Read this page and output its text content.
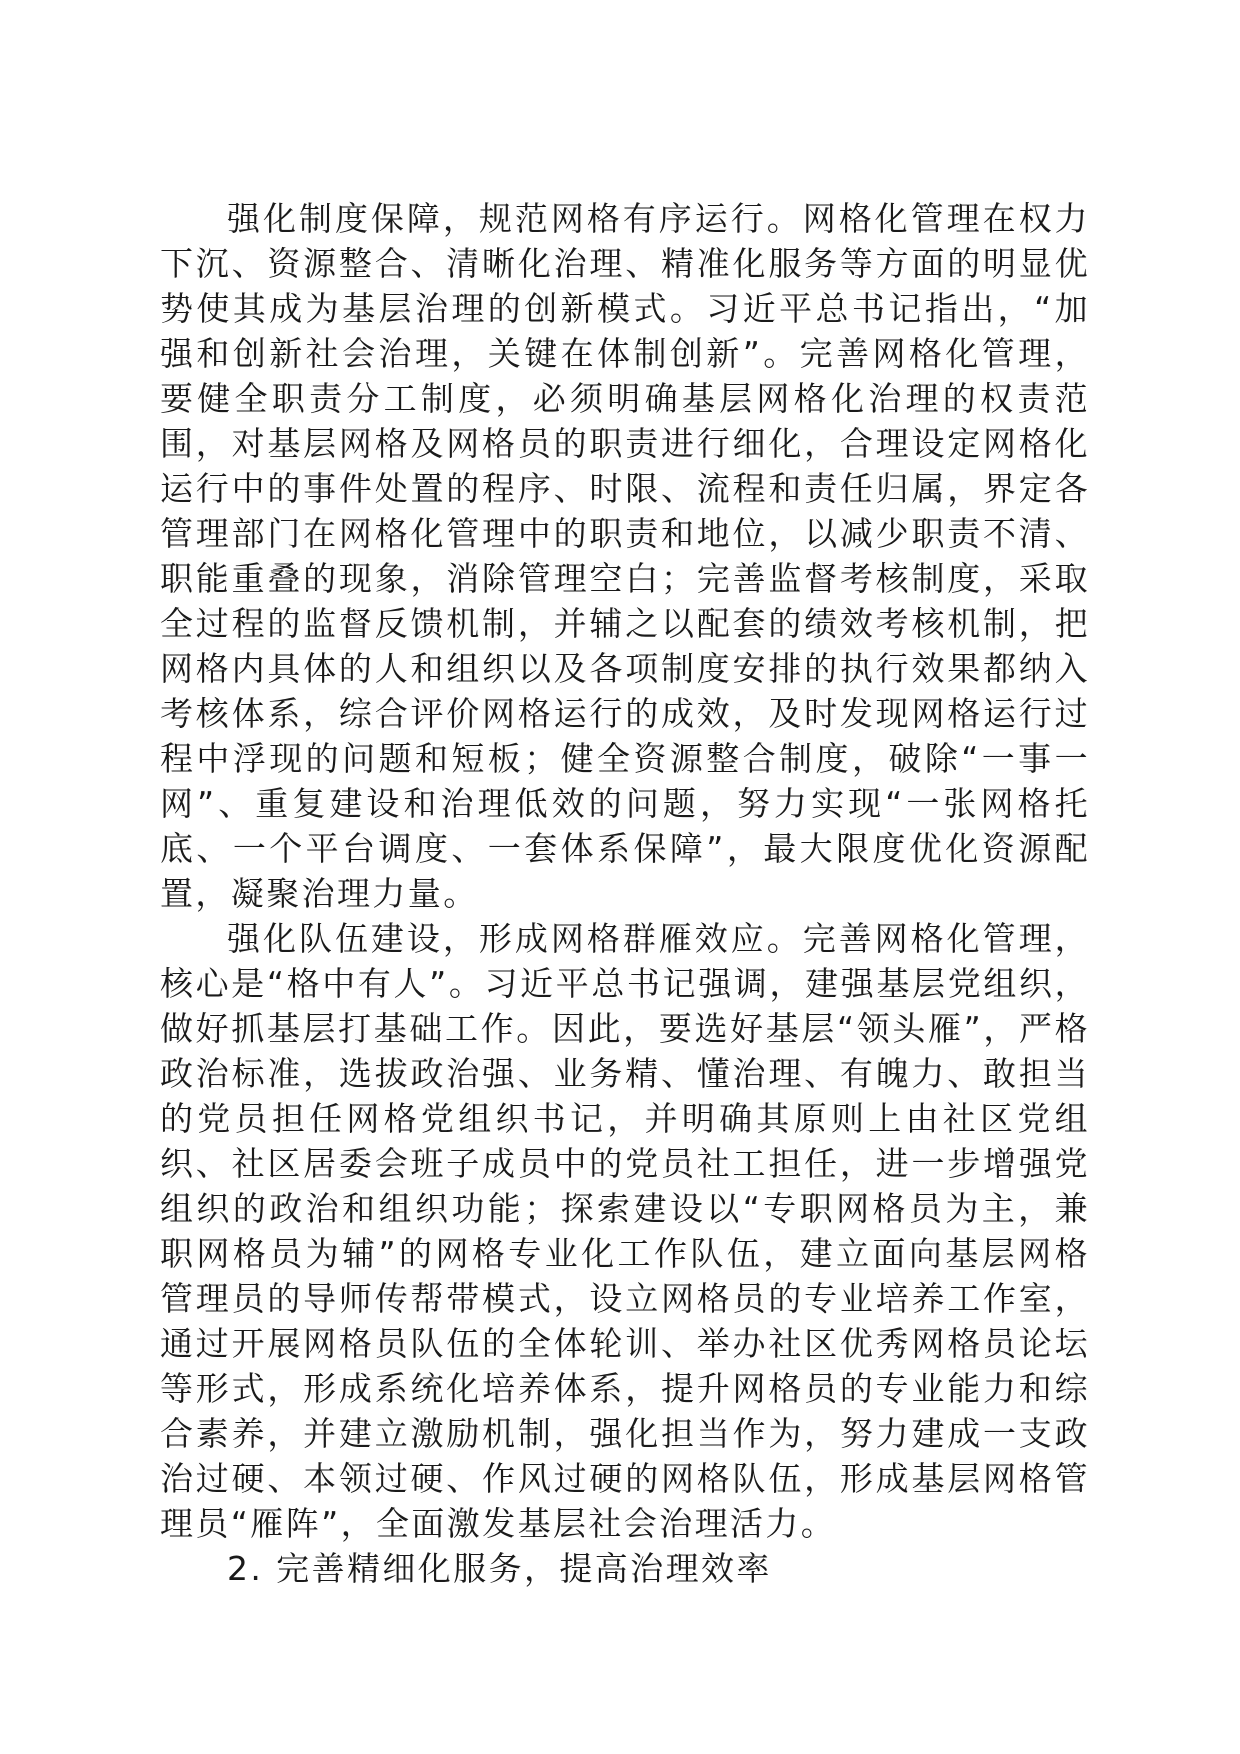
强化制度保障，规范网格有序运行。网格化管理在权力下沉、资源整合、清晰化治理、精准化服务等方面的明显优势使其成为基层治理的创新模式。习近平总书记指出，“加强和创新社会治理，关键在体制创新”。完善网格化管理，要健全职责分工制度，必须明确基层网格化治理的权责范围，对基层网格及网格员的职责进行细化，合理设定网格化运行中的事件处置的程序、时限、流程和责任归属，界定各管理部门在网格化管理中的职责和地位，以减少职责不清、职能重叠的现象，消除管理空白；完善监督考核制度，采取全过程的监督反馈机制，并辅之以配套的绩效考核机制，把网格内具体的人和组织以及各项制度安排的执行效果都纳入考核体系，综合评价网格运行的成效，及时发现网格运行过程中浮现的问题和短板；健全资源整合制度，破除“一事一网”、重复建设和治理低效的问题，努力实现“一张网格托底、一个平台调度、一套体系保障”，最大限度优化资源配置，凝聚治理力量。

强化队伍建设，形成网格群雁效应。完善网格化管理，核心是“格中有人”。习近平总书记强调，建强基层党组织，做好抓基层打基础工作。因此，要选好基层“领头雁”，严格政治标准，选拔政治强、业务精、懂治理、有魄力、敢担当的党员担任网格党组织书记，并明确其原则上由社区党组织、社区居委会班子成员中的党员社工担任，进一步增强党组织的政治和组织功能；探索建设以“专职网格员为主，兼职网格员为辅”的网格专业化工作队伍，建立面向基层网格管理员的导师传帮带模式，设立网格员的专业培养工作室，通过开展网格员队伍的全体轮训、举办社区优秀网格员论坛等形式，形成系统化培养体系，提升网格员的专业能力和综合素养，并建立激励机制，强化担当作为，努力建成一支政治过硬、本领过硬、作风过硬的网格队伍，形成基层网格管理员“雁阵”，全面激发基层社会治理活力。

2. 完善精细化服务，提高治理效率
